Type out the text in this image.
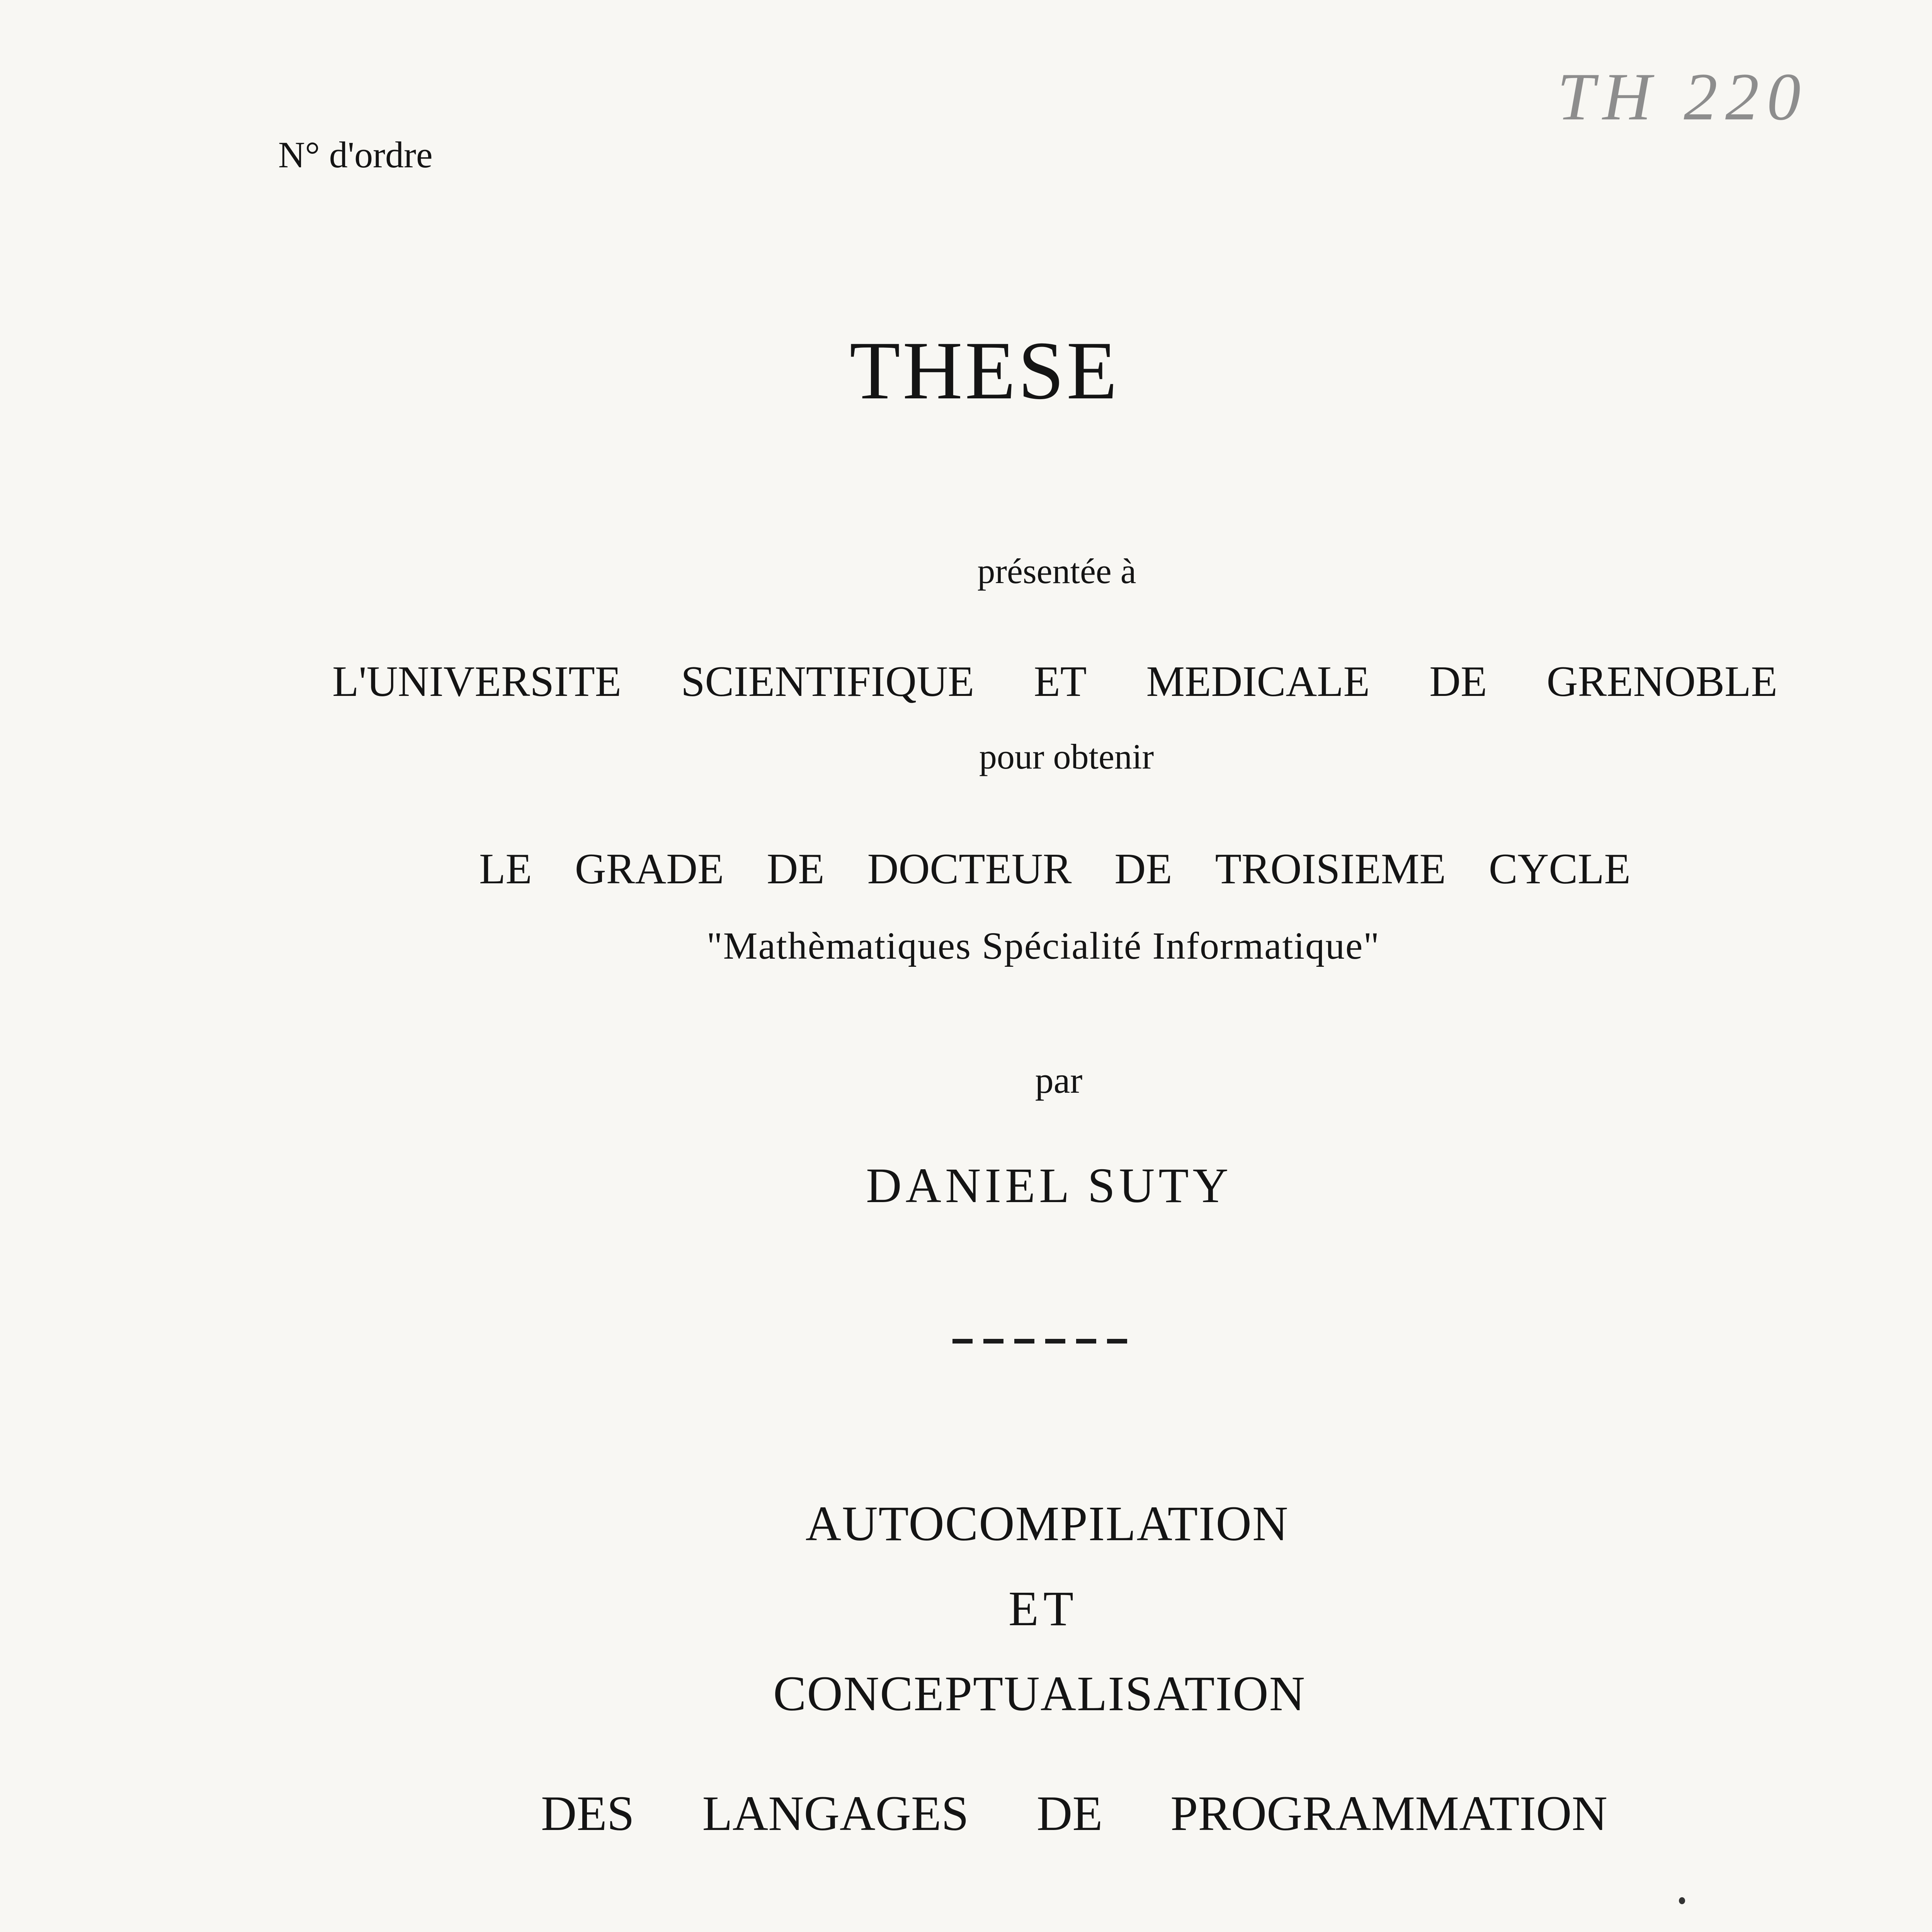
N° d'ordre
TH 220
THESE
présentée à
L'UNIVERSITE SCIENTIFIQUE ET MEDICALE DE GRENOBLE
pour obtenir
LE GRADE DE DOCTEUR DE TROISIEME CYCLE
"Mathèmatiques Spécialité Informatique"
par
DANIEL SUTY
AUTOCOMPILATION
ET
CONCEPTUALISATION
DES LANGAGES DE PROGRAMMATION
